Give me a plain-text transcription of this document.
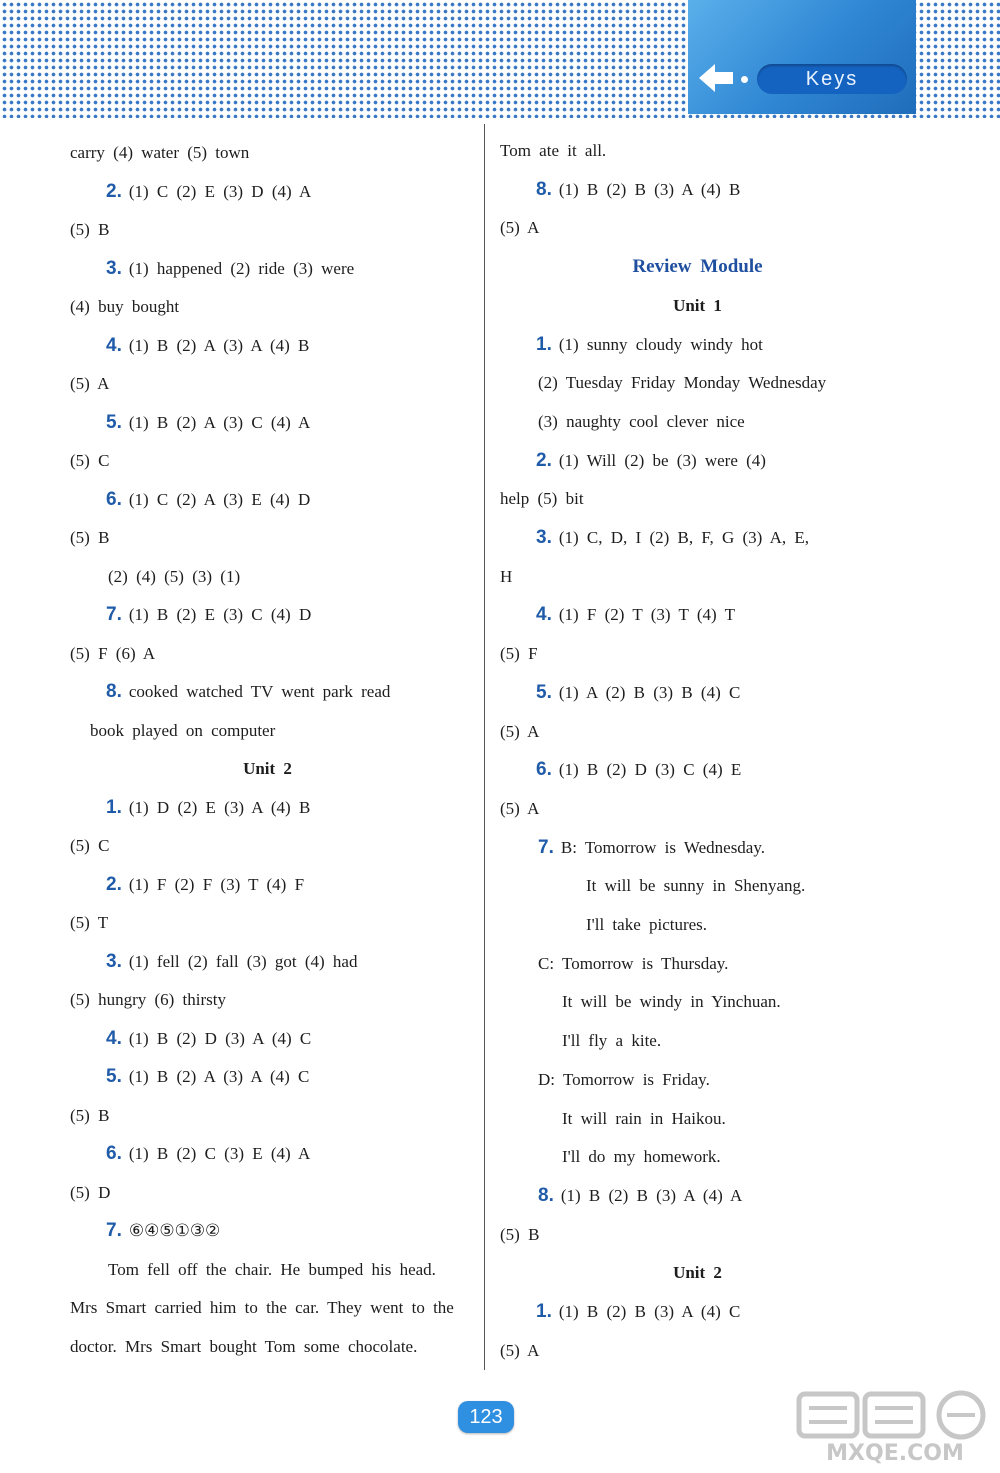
Keys
carry (4) water (5) town
2. (1) C (2) E (3) D (4) A
(5) B
3. (1) happened (2) ride (3) were
(4) buy bought
4. (1) B (2) A (3) A (4) B
(5) A
5. (1) B (2) A (3) C (4) A
(5) C
6. (1) C (2) A (3) E (4) D
(5) B
(2) (4) (5) (3) (1)
7. (1) B (2) E (3) C (4) D
(5) F (6) A
8. cooked watched TV went park read
book played on computer
Unit 2
1. (1) D (2) E (3) A (4) B
(5) C
2. (1) F (2) F (3) T (4) F
(5) T
3. (1) fell (2) fall (3) got (4) had
(5) hungry (6) thirsty
4. (1) B (2) D (3) A (4) C
5. (1) B (2) A (3) A (4) C
(5) B
6. (1) B (2) C (3) E (4) A
(5) D
7. ⑥④⑤①③②
Tom fell off the chair. He bumped his head.
Mrs Smart carried him to the car. They went to the
doctor. Mrs Smart bought Tom some chocolate.
Tom ate it all.
8. (1) B (2) B (3) A (4) B
(5) A
Review Module
Unit 1
1. (1) sunny cloudy windy hot
(2) Tuesday Friday Monday Wednesday
(3) naughty cool clever nice
2. (1) Will (2) be (3) were (4)
help (5) bit
3. (1) C, D, I (2) B, F, G (3) A, E,
H
4. (1) F (2) T (3) T (4) T
(5) F
5. (1) A (2) B (3) B (4) C
(5) A
6. (1) B (2) D (3) C (4) E
(5) A
7. B: Tomorrow is Wednesday.
It will be sunny in Shenyang.
I'll take pictures.
C: Tomorrow is Thursday.
It will be windy in Yinchuan.
I'll fly a kite.
D: Tomorrow is Friday.
It will rain in Haikou.
I'll do my homework.
8. (1) B (2) B (3) A (4) A
(5) B
Unit 2
1. (1) B (2) B (3) A (4) C
(5) A
123
MXQE.COM
